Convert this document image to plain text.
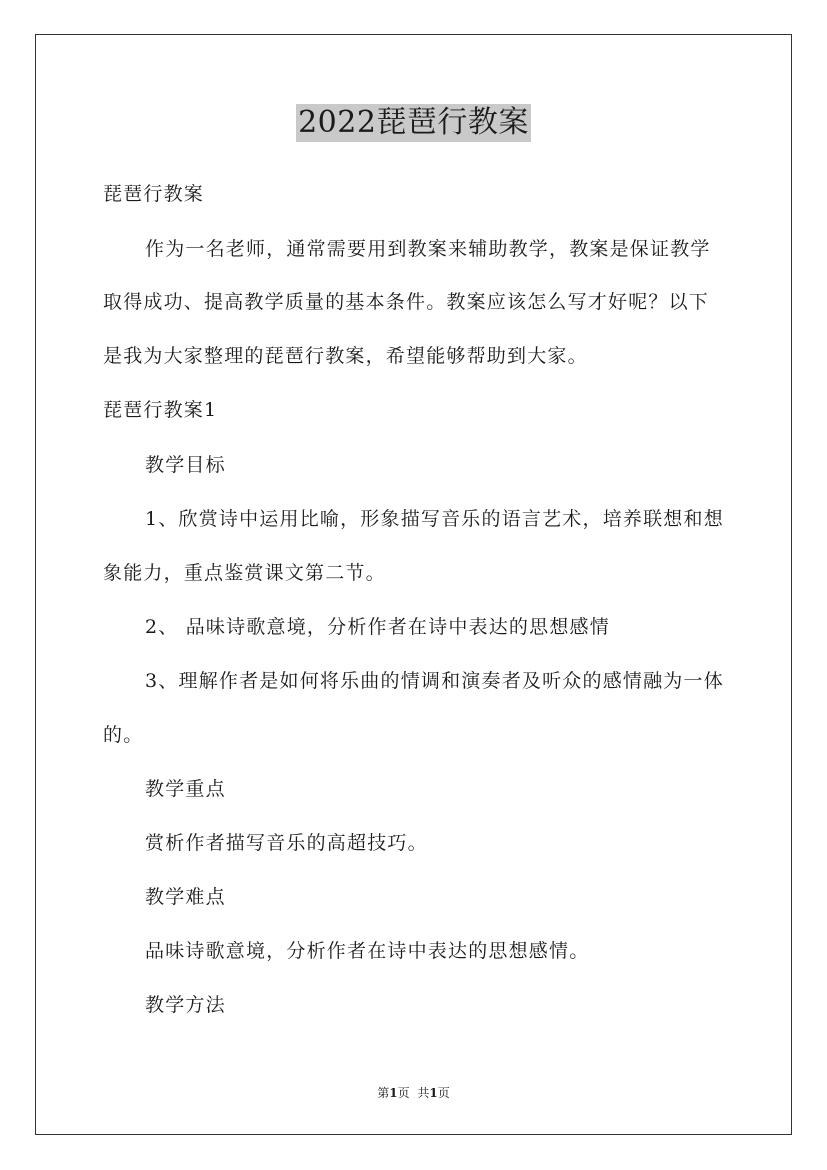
2022琵琶行教案
琵琶行教案
作为一名老师，通常需要用到教案来辅助教学，教案是保证教学
取得成功、提高教学质量的基本条件。教案应该怎么写才好呢？以下
是我为大家整理的琵琶行教案，希望能够帮助到大家。
琵琶行教案1
教学目标
1、欣赏诗中运用比喻，形象描写音乐的语言艺术，培养联想和想
象能力，重点鉴赏课文第二节。
2、 品味诗歌意境，分析作者在诗中表达的思想感情
3、理解作者是如何将乐曲的情调和演奏者及听众的感情融为一体
的。
教学重点
赏析作者描写音乐的高超技巧。
教学难点
品味诗歌意境，分析作者在诗中表达的思想感情。
教学方法
第1页 共1页
